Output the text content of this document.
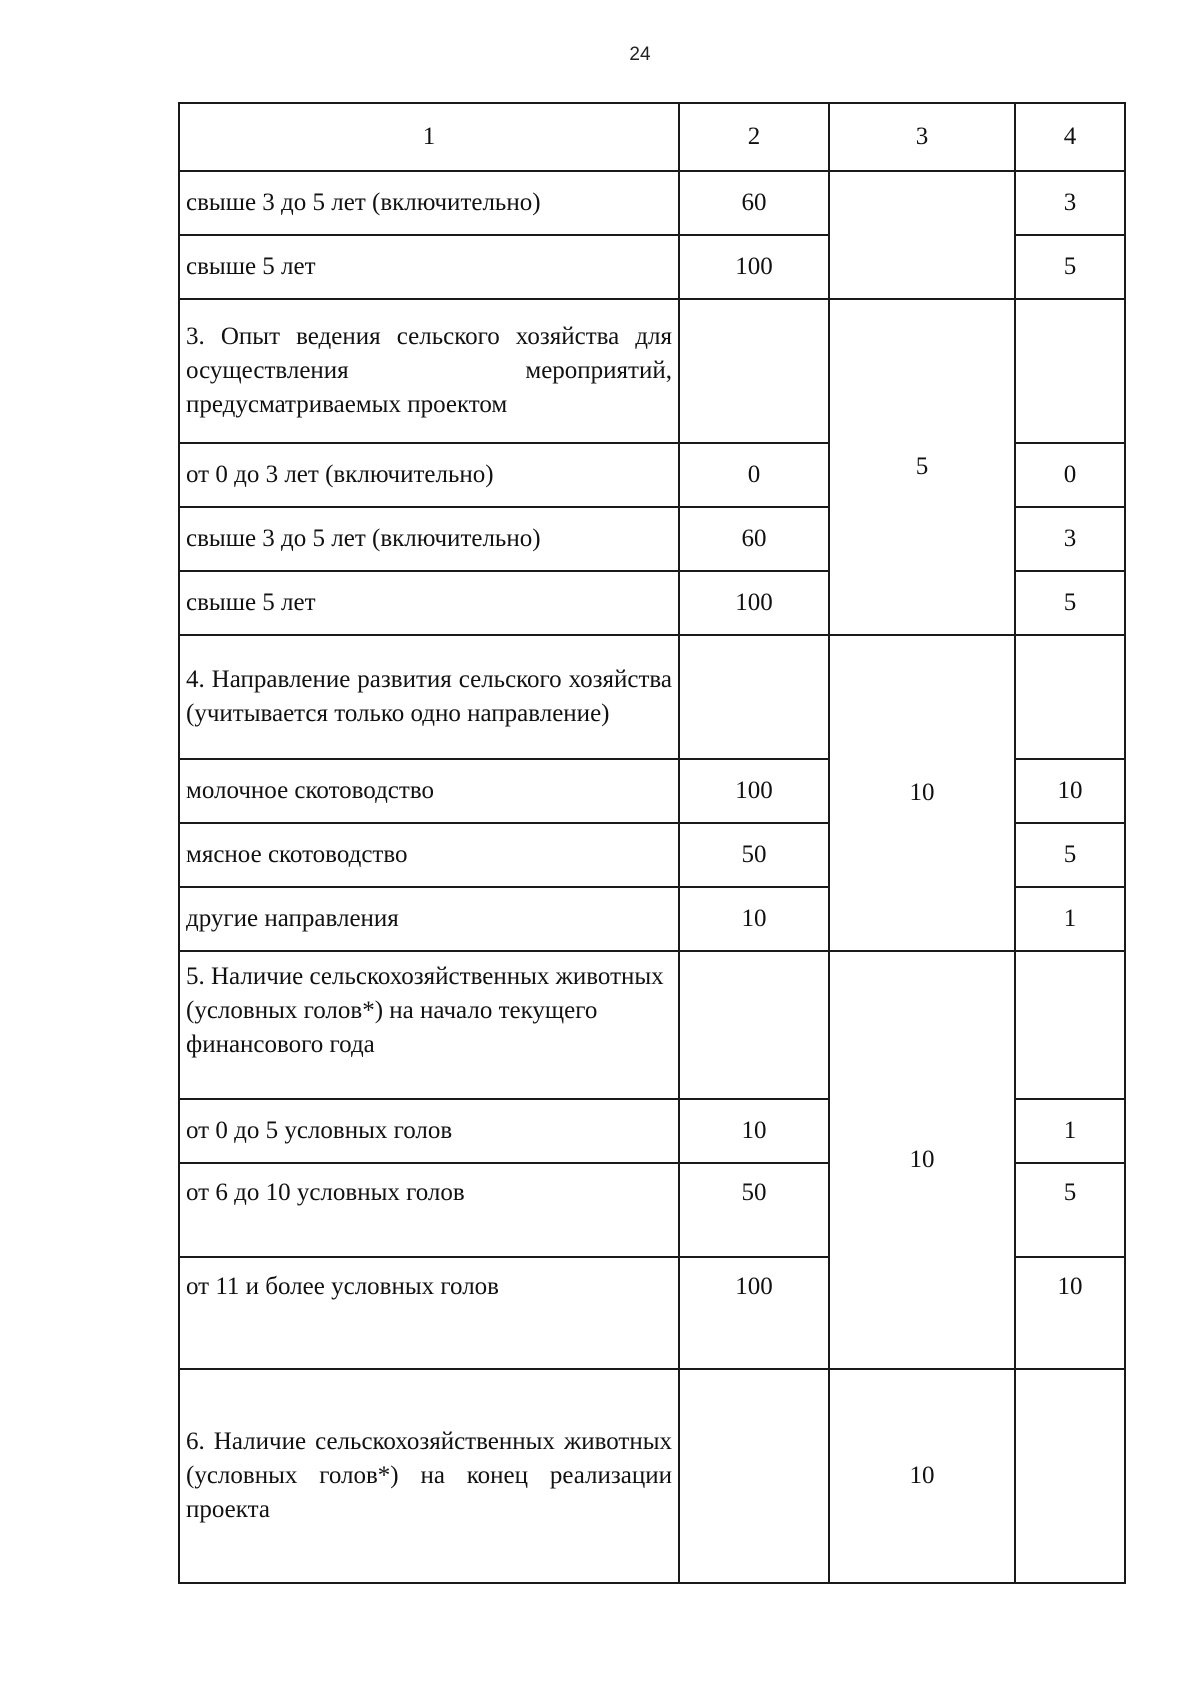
24
1	2	3	4
свыше 3 до 5 лет (включительно)	60		3
свыше 5 лет	100		5
3. Опыт ведения сельского хозяйства для осуществления мероприятий, предусматриваемых проектом		5	
от 0 до 3 лет (включительно)	0		0
свыше 3 до 5 лет (включительно)	60		3
свыше 5 лет	100		5
4. Направление развития сельского хозяйства (учитывается только одно направление)		10	
молочное скотоводство	100		10
мясное скотоводство	50		5
другие направления	10		1
5. Наличие сельскохозяйственных животных (условных голов*) на начало текущего финансового года		10	
от 0 до 5 условных голов	10		1
от 6 до 10 условных голов	50		5
от 11 и более условных голов	100		10
6. Наличие сельскохозяйственных животных (условных голов*) на конец реализации проекта		10	
